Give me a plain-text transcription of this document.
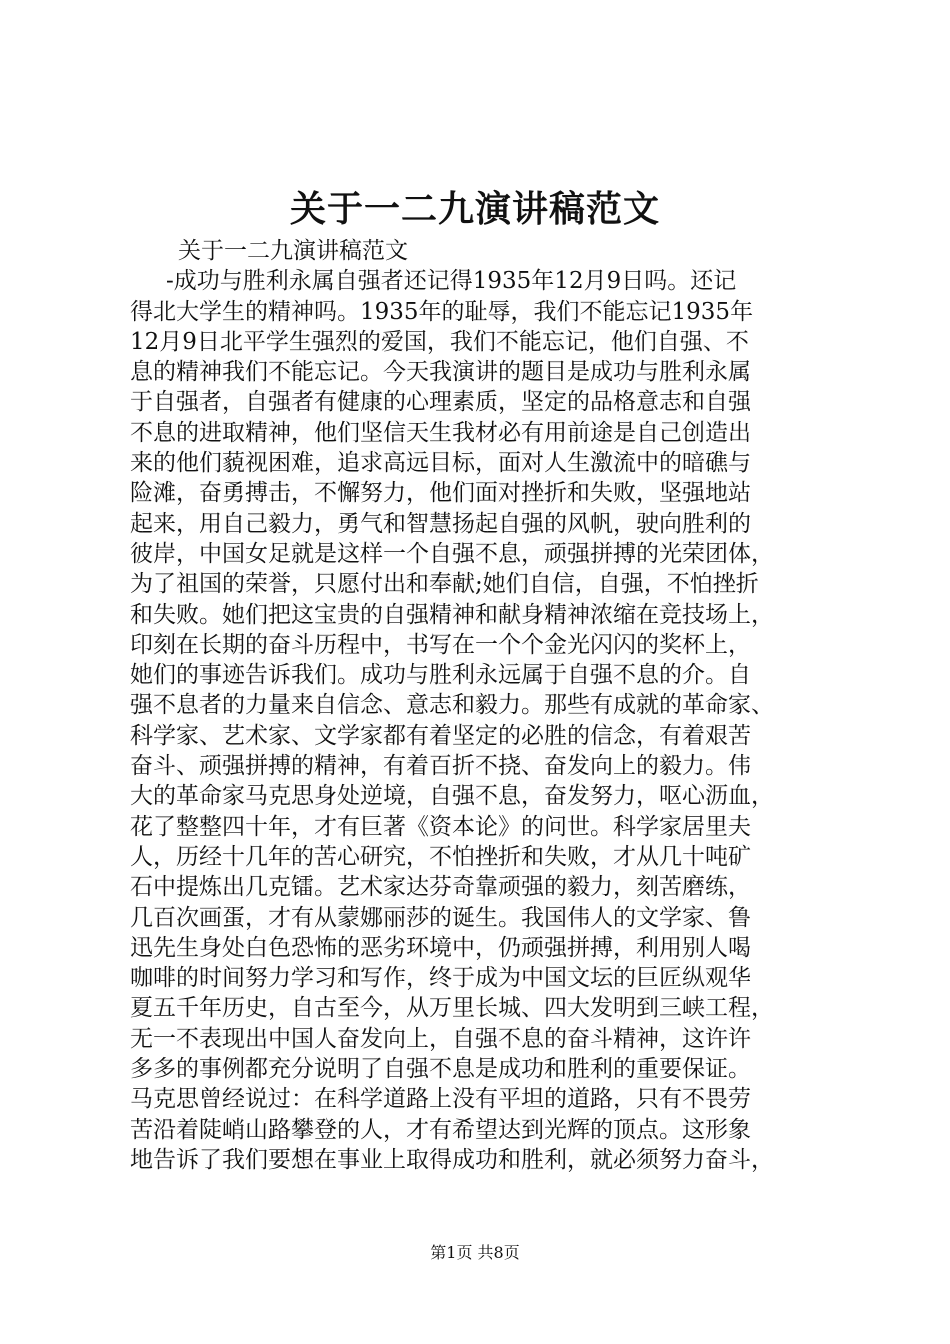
关于一二九演讲稿范文

关于一二九演讲稿范文

-成功与胜利永属自强者还记得1935年12月9日吗。还记

得北大学生的精神吗。1935年的耻辱，我们不能忘记1935年

12月9日北平学生强烈的爱国，我们不能忘记，他们自强、不

息的精神我们不能忘记。今天我演讲的题目是成功与胜利永属

于自强者，自强者有健康的心理素质，坚定的品格意志和自强

不息的进取精神，他们坚信天生我材必有用前途是自己创造出

来的他们藐视困难，追求高远目标，面对人生激流中的暗礁与

险滩，奋勇搏击，不懈努力，他们面对挫折和失败，坚强地站

起来，用自己毅力，勇气和智慧扬起自强的风帆，驶向胜利的

彼岸，中国女足就是这样一个自强不息，顽强拼搏的光荣团体，

为了祖国的荣誉，只愿付出和奉献;她们自信，自强，不怕挫折

和失败。她们把这宝贵的自强精神和献身精神浓缩在竞技场上，

印刻在长期的奋斗历程中，书写在一个个金光闪闪的奖杯上，

她们的事迹告诉我们。成功与胜利永远属于自强不息的介。自

强不息者的力量来自信念、意志和毅力。那些有成就的革命家、

科学家、艺术家、文学家都有着坚定的必胜的信念，有着艰苦

奋斗、顽强拼搏的精神，有着百折不挠、奋发向上的毅力。伟

大的革命家马克思身处逆境，自强不息，奋发努力，呕心沥血，

花了整整四十年，才有巨著《资本论》的问世。科学家居里夫

人，历经十几年的苦心研究，不怕挫折和失败，才从几十吨矿

石中提炼出几克镭。艺术家达芬奇靠顽强的毅力，刻苦磨练，

几百次画蛋，才有从蒙娜丽莎的诞生。我国伟人的文学家、鲁

迅先生身处白色恐怖的恶劣环境中，仍顽强拼搏，利用别人喝

咖啡的时间努力学习和写作，终于成为中国文坛的巨匠纵观华

夏五千年历史，自古至今，从万里长城、四大发明到三峡工程，

无一不表现出中国人奋发向上，自强不息的奋斗精神，这许许

多多的事例都充分说明了自强不息是成功和胜利的重要保证。

马克思曾经说过：在科学道路上没有平坦的道路，只有不畏劳

苦沿着陡峭山路攀登的人，才有希望达到光辉的顶点。这形象

地告诉了我们要想在事业上取得成功和胜利，就必须努力奋斗，

第1页 共8页
